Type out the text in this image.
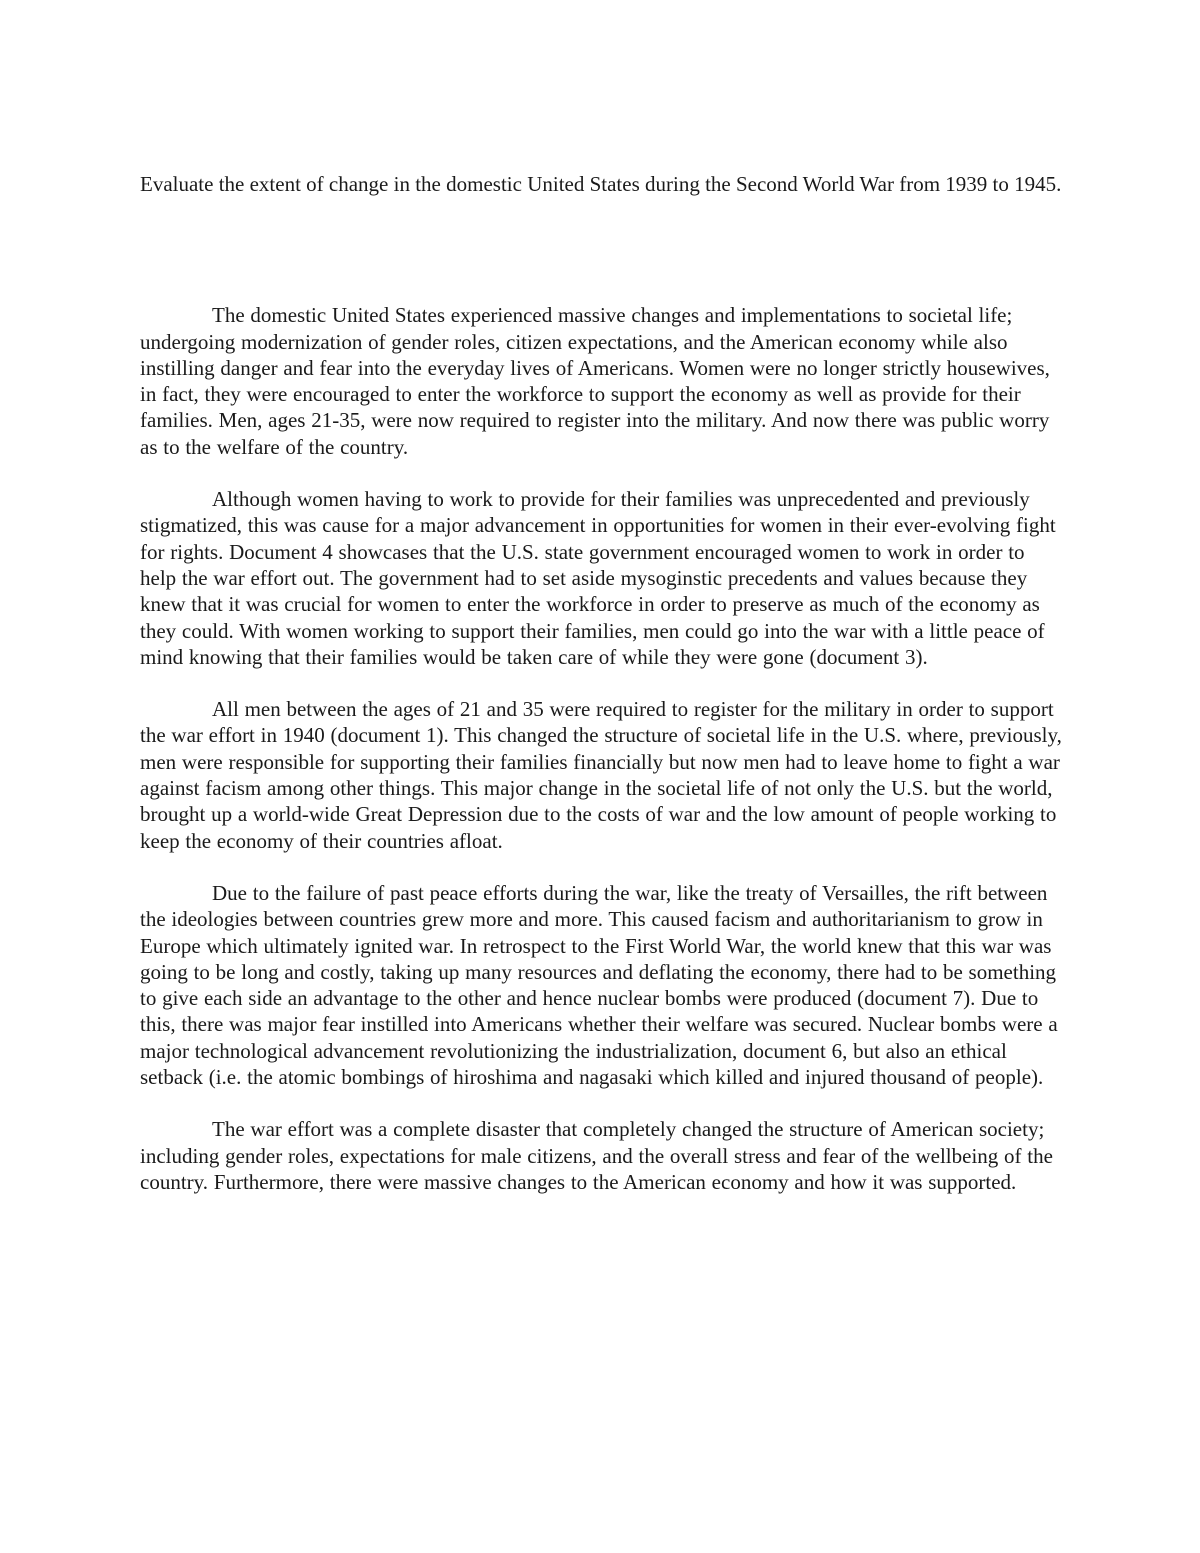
Evaluate the extent of change in the domestic United States during the Second World War from 1939 to 1945.

The domestic United States experienced massive changes and implementations to societal life; undergoing modernization of gender roles, citizen expectations, and the American economy while also instilling danger and fear into the everyday lives of Americans. Women were no longer strictly housewives, in fact, they were encouraged to enter the workforce to support the economy as well as provide for their families. Men, ages 21-35, were now required to register into the military. And now there was public worry as to the welfare of the country.

Although women having to work to provide for their families was unprecedented and previously stigmatized, this was cause for a major advancement in opportunities for women in their ever-evolving fight for rights. Document 4 showcases that the U.S. state government encouraged women to work in order to help the war effort out. The government had to set aside mysoginstic precedents and values because they knew that it was crucial for women to enter the workforce in order to preserve as much of the economy as they could. With women working to support their families, men could go into the war with a little peace of mind knowing that their families would be taken care of while they were gone (document 3).

All men between the ages of 21 and 35 were required to register for the military in order to support the war effort in 1940 (document 1). This changed the structure of societal life in the U.S. where, previously, men were responsible for supporting their families financially but now men had to leave home to fight a war against facism among other things. This major change in the societal life of not only the U.S. but the world, brought up a world-wide Great Depression due to the costs of war and the low amount of people working to keep the economy of their countries afloat.

Due to the failure of past peace efforts during the war, like the treaty of Versailles, the rift between the ideologies between countries grew more and more. This caused facism and authoritarianism to grow in Europe which ultimately ignited war. In retrospect to the First World War, the world knew that this war was going to be long and costly, taking up many resources and deflating the economy, there had to be something to give each side an advantage to the other and hence nuclear bombs were produced (document 7). Due to this, there was major fear instilled into Americans whether their welfare was secured. Nuclear bombs were a major technological advancement revolutionizing the industrialization, document 6, but also an ethical setback (i.e. the atomic bombings of hiroshima and nagasaki which killed and injured thousand of people).

The war effort was a complete disaster that completely changed the structure of American society; including gender roles, expectations for male citizens, and the overall stress and fear of the wellbeing of the country. Furthermore, there were massive changes to the American economy and how it was supported.
